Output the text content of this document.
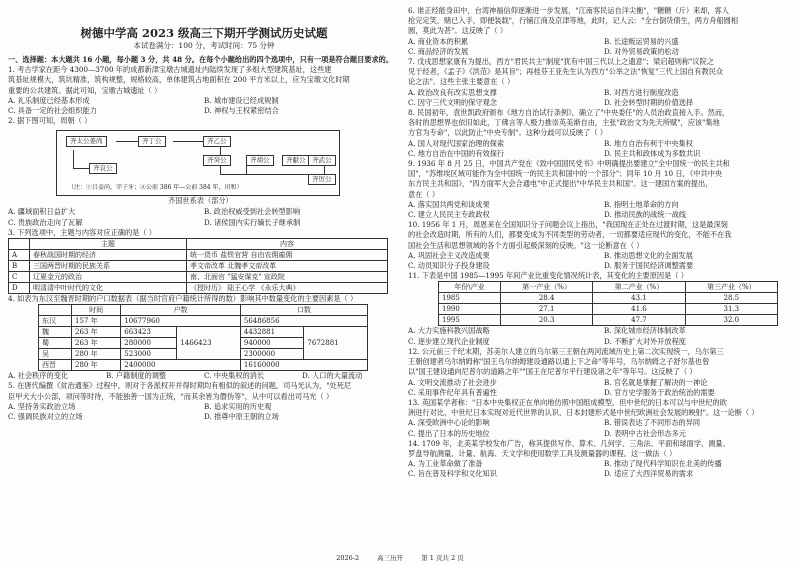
树德中学高 2023 级高三下期开学测试历史试题
本试卷满分：100 分，考试时间：75 分钟
一、选择题：本大题共 16 小题，每小题 3 分，共 48 分。在每个小题给出的四个选项中，只有一项是符合题目要求的。
1. 考古学家在距今 4300—3700 年的成都新津宝墩古城遗址内陆续发现了多组大型建筑基址，这些建
筑基址规模大，筑坑精准，筑构规整，规格较高，单体建筑占地面积在 200 平方米以上，应为宝墩文化时期
重要的公共建筑。据此可知，宝墩古城遗址（ ）
A. 礼乐制度已经基本形成	B. 城市建设已经成规制
C. 具备一定的社会组织能力	D. 神权与王权紧密结合
2. 据下图可知，周朝（ ）
齐太公姜尚	齐丁公	齐乙公
齐癸公
齐哀公
齐胡公	齐献公	齐武公
齐厉公
（注：①吕姜尚，字子牙；②公前 386 年—公前 384 年，田和）
齐国世系表（部分）
A. 疆域面积日益扩大	B. 政治权威受到社会转型影响
C. 贵族政治走向了瓦解	D. 诸侯国内实行嫡长子继承制
3. 下列选项中，主题与内容对应正确的是（ ）
	主题	内容
A	春秋战国时期的经济	统一货币 盐铁官营 自由农佣雇佣
B	三国两晋时期的民族关系	孝文帝改革 北魏孝文帝改革
C	辽夏金元的政治	南、北面官 "猛安谋克" 宣政院
D	明清清中叶时代的文化	《授时历》 陆王心学 《永乐大典》
4. 如表为东汉至魏晋时期的户口数据表（据当时官府户籍统计所得的数）影响其中数量变化的主要因素是（ ）
	时间	户数		口数	
东汉	157 年	10677960		56486856	
魏	263 年	663423	1466423	4432881	7672881
蜀	263 年	280000		940000	
吴	280 年	523000		2300000	
西晋	280 年	2400000		16160000	
A. 社会秩序的变化	B. 户籍制度的调整	C. 中央集权的消长	D. 人口的大量流动
5. 在唐代编撰《贫治通鉴》过程中，则对于各派权开并得时期均有相似的叙述的问题，司马光认为，"处死尼
臣甲犬大小公部，项问等时待，不能独善一国为正统，"而其余皆为僭伪等"，从中可以看出司马光（ ）
A. 坚持务实政治立场	B. 追求实用的历史观
C. 强调民族对立的立场	D. 推尊中原王朝的立场
6. 谁正经能身田中，台湾神福信仰逐渐进一步发展，"江南客民运自洋尖衡"，"糖糖（斤）来却，客人
抢完定笑，赌已入手，即便装载"，行铺江商及京津等地，此时，记人云："全台倒货债生，两方舟船圆相
圆，莫此为甚"。这反映了（ ）
A. 商业资本的积累	B. 长途贩运贸易的兴盛
C. 商品经济的发展	D. 对外贸易政策的松动
7. 戊戌思想家康有为提出，西方"君民共主"制度"犹有中国三代以上之遗意"；梁启超则称"议院之
见于经者，《孟子》《洪范》是其旨"；再桂芬王亚先生认为西方"公举之法"恢复"三代上国自有教民众
论之法"。这些主张主要意在（ ）
A. 政治改良有改实思想支撑	B. 对西方进行制度改造
C. 因守三代文明的保守观念	D. 社会转型时期的价值选择
8. 民国初年，袁世凯政府颁布《地方自治试行条例》，确立了"中央委任"的人员治政直接入手。然而，
各时的思想界也依旧如此，丁佛言等人极力推崇英美渐自由，主张"政治文为先天所赋"，应该"集地
方官为专命"，以此防止"中央专制"。这种分歧可以反映了（ ）
A. 国人对现代国家治理的探索	B. 地方自治有利于中央集权
C. 地方自治在中国的有效探行	D. 民主共和政体成为多数共识
9. 1936 年 8 月 25 日，中国共产党在《致中国国民党书》中明确提出要建立"全中国统一的民主共和
国"，"苏维埃区域可能作为全中国统一的民主共和国中的一个部分"；同年 10 月 10 日，《中共中央
东方民主共和国》，"四方面军大会合通电"中正式提出"中华民主共和国"。这一建国方案的提出，
意在（ ）
A. 落实国共两党和谈成果	B. 指明土地革命的方向
C. 建立人民民主专政政权	D. 推动民族的战统一战线
10. 1956 年 1 月，周恩来在全国知识分子问题会议上指出，"我国现在正处在过渡时期，这是最深刻
的社会改造时期，所有的人们，都要变成为不同类型的劳动者，一切都要适应现代的变化，不能不在我
国社会生活和思想领域的各个方面引起极深刻的反映。"这一论断意在（ ）
A. 巩固社会主义改造成果	B. 推动思想文化的全面发展
C. 动员知识分子投身建设	D. 服务于国民经济调整需要
11. 下表是中国 1985—1995 年间产业比重变化情况统计表，其变化的主要原因是（ ）
年份\产业	第一产业（%）	第二产业（%）	第三产业（%）
1985	28.4	43.1	28.5
1990	27.1	41.6	31.3
1995	20.3	47.7	32.0
A. 大力实施科教兴国战略	B. 深化城市经济体制改革
C. 逐步建立现代企业制度	D. 不断扩大对外开放程度
12. 公元前三千纪末期，苏美尔人建立的乌尔第三王朝在两河流域历史上第二次实现统一，乌尔第三
王朝创建者乌尔纳姆称"国王乌尔纳姆建设通路以通上下之命"等年号，乌尔纳姆之子舒尔基也曾
以"国王建设通向尼普尔的道路之年""国王在尼普尔平行建设诸之年"等年号。这反映了（ ）
A. 文明交流推动了社会进步	B. 官名就是掌握了解决的一神论
C. 采用事件纪年具有普遍性	D. 官方史学服务于政治统治的需要
13. 英国某学者称："日本中央集权正在单向地仿照中国组成模型，但中世纪的日本可以与中世纪的欧
洲进行对比，中世纪日本实现对近代世界的认识，日本封建形式是中世纪欧洲社会发展的映射"。这一论断（ ）
A. 深受欧洲中心论的影响	B. 错误表达了不同形态的异同
C. 提出了日本的历史地位	D. 表明中古社会形态多元
14. 1709 年，北美某学校发布广告，称其提供写作、算术、几何学、三角法、平面和球面学、测量、
罗盘导航测量、计量、航海、天文学和使用数学工具及测量器的课程。这一做法（ ）
A. 为工业革命做了准备	B. 推动了现代科学知识在北美的传播
C. 旨在普及科学和文化知识	D. 适应了大西洋贸易的需求
2026-2	高三历开	第 1 页共 2 页
